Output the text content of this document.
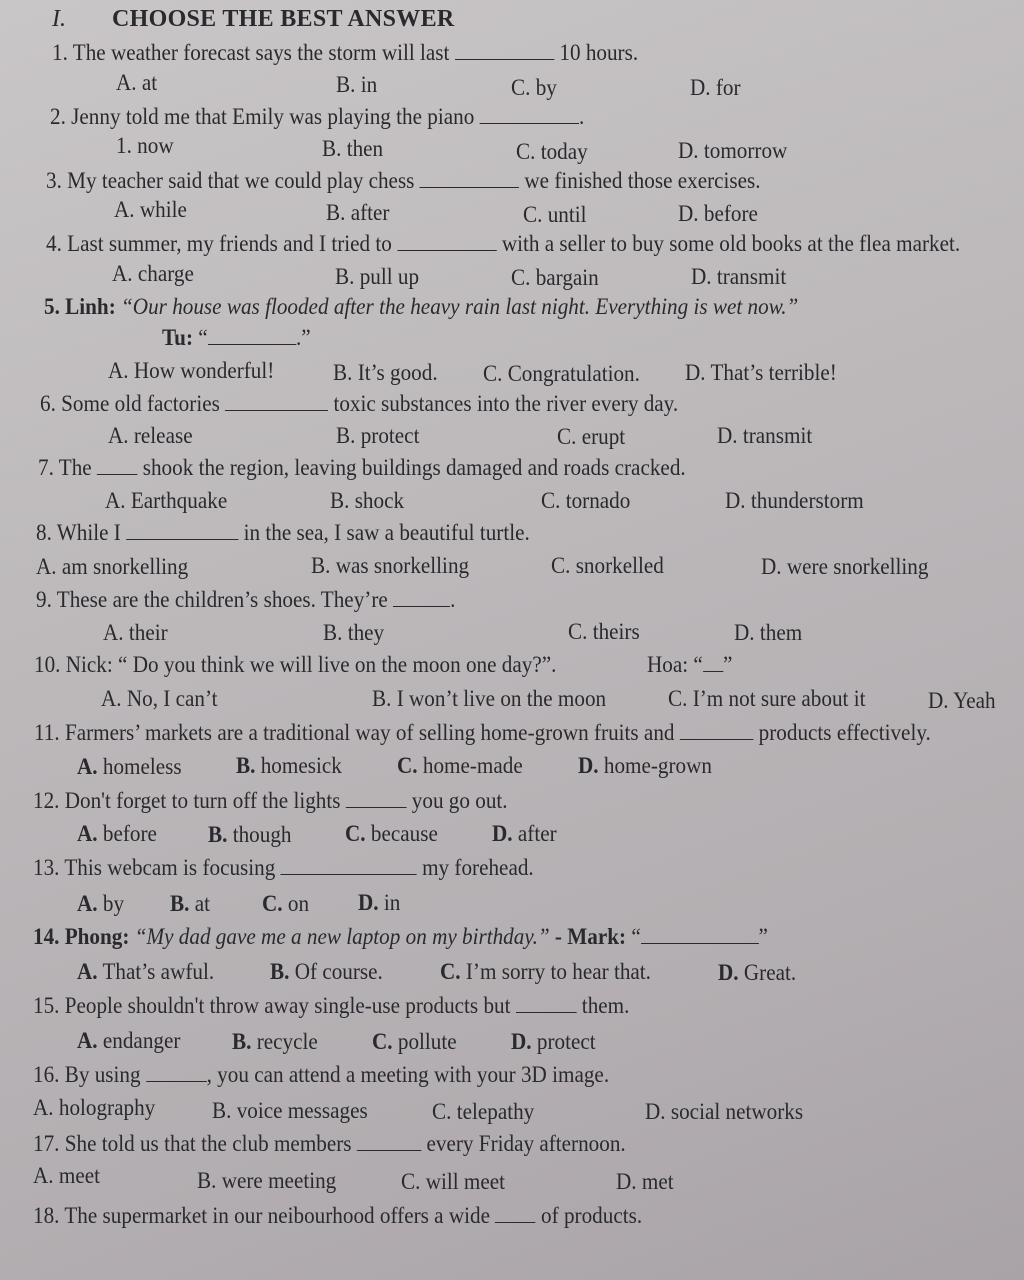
I. CHOOSE THE BEST ANSWER
1. The weather forecast says the storm will last	10 hours.
A. at	B. in	C. by	D. for
2. Jenny told me that Emily was playing the piano	.
1. now	B. then	C. today	D. tomorrow
3. My teacher said that we could play chess	we finished those exercises.
A. while	B. after	C. until	D. before
4. Last summer, my friends and I tried to	with a seller to buy some old books at the flea market.
A. charge	B. pull up	C. bargain	D. transmit
5. Linh: “Our house was flooded after the heavy rain last night. Everything is wet now.”
Tu: “	.”
A. How wonderful!	B. It’s good. C. Congratulation. D. That’s terrible!
6. Some old factories	toxic substances into the river every day.
A. release	B. protect	C. erupt	D. transmit
7. The shook the region, leaving buildings damaged and roads cracked.
A. Earthquake	B. shock	C. tornado	D. thunderstorm
8. While I	in the sea, I saw a beautiful turtle.
A. am snorkelling	B. was snorkelling	C. snorkelled	D. were snorkelling
9. These are the children’s shoes. They’re	.
A. their	B. they	C. theirs	D. them
10. Nick: “ Do you think we will live on the moon one day?”.	Hoa: “ ”
A. No, I can’t	B. I won’t live on the moon	C. I’m not sure about it	D. Yeah
11. Farmers’ markets are a traditional way of selling home-grown fruits and	products effectively.
A. homeless B. homesick C. home-made D. home-grown
12. Don't forget to turn off the lights	you go out.
A. before B. though C. because D. after
13. This webcam is focusing	my forehead.
A. by B. at C. on D. in
14. Phong: “My dad gave me a new laptop on my birthday.” - Mark: “	”
A. That’s awful. B. Of course. C. I’m sorry to hear that.	D. Great.
15. People shouldn't throw away single-use products but	them.
A. endanger B. recycle C. pollute D. protect
16. By using	, you can attend a meeting with your 3D image.
A. holography B. voice messages	C. telepathy	D. social networks
17. She told us that the club members	every Friday afternoon.
A. meet	B. were meeting	C. will meet	D. met
18. The supermarket in our neibourhood offers a wide of products.
